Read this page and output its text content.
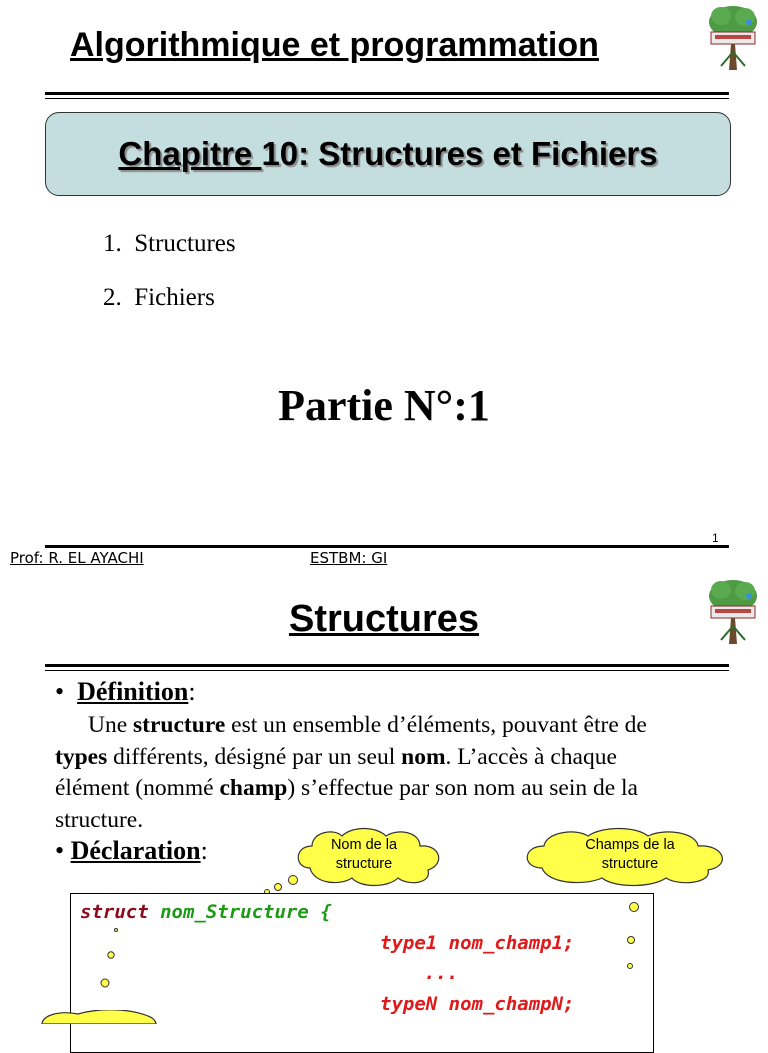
Algorithmique et programmation
Chapitre 10: Structures et Fichiers
1. Structures
2. Fichiers
Partie N°:1
1
Prof: R. EL AYACHI	ESTBM: GI
Structures
• Définition:
Une structure est un ensemble d’éléments, pouvant être de
types différents, désigné par un seul nom. L’accès à chaque
élément (nommé champ) s’effectue par son nom au sein de la
structure.
• Déclaration:	Nom de la
structure
Champs de la
structure
struct nom_Structure {
type1 nom_champ1;
...
typeN nom_champN;
